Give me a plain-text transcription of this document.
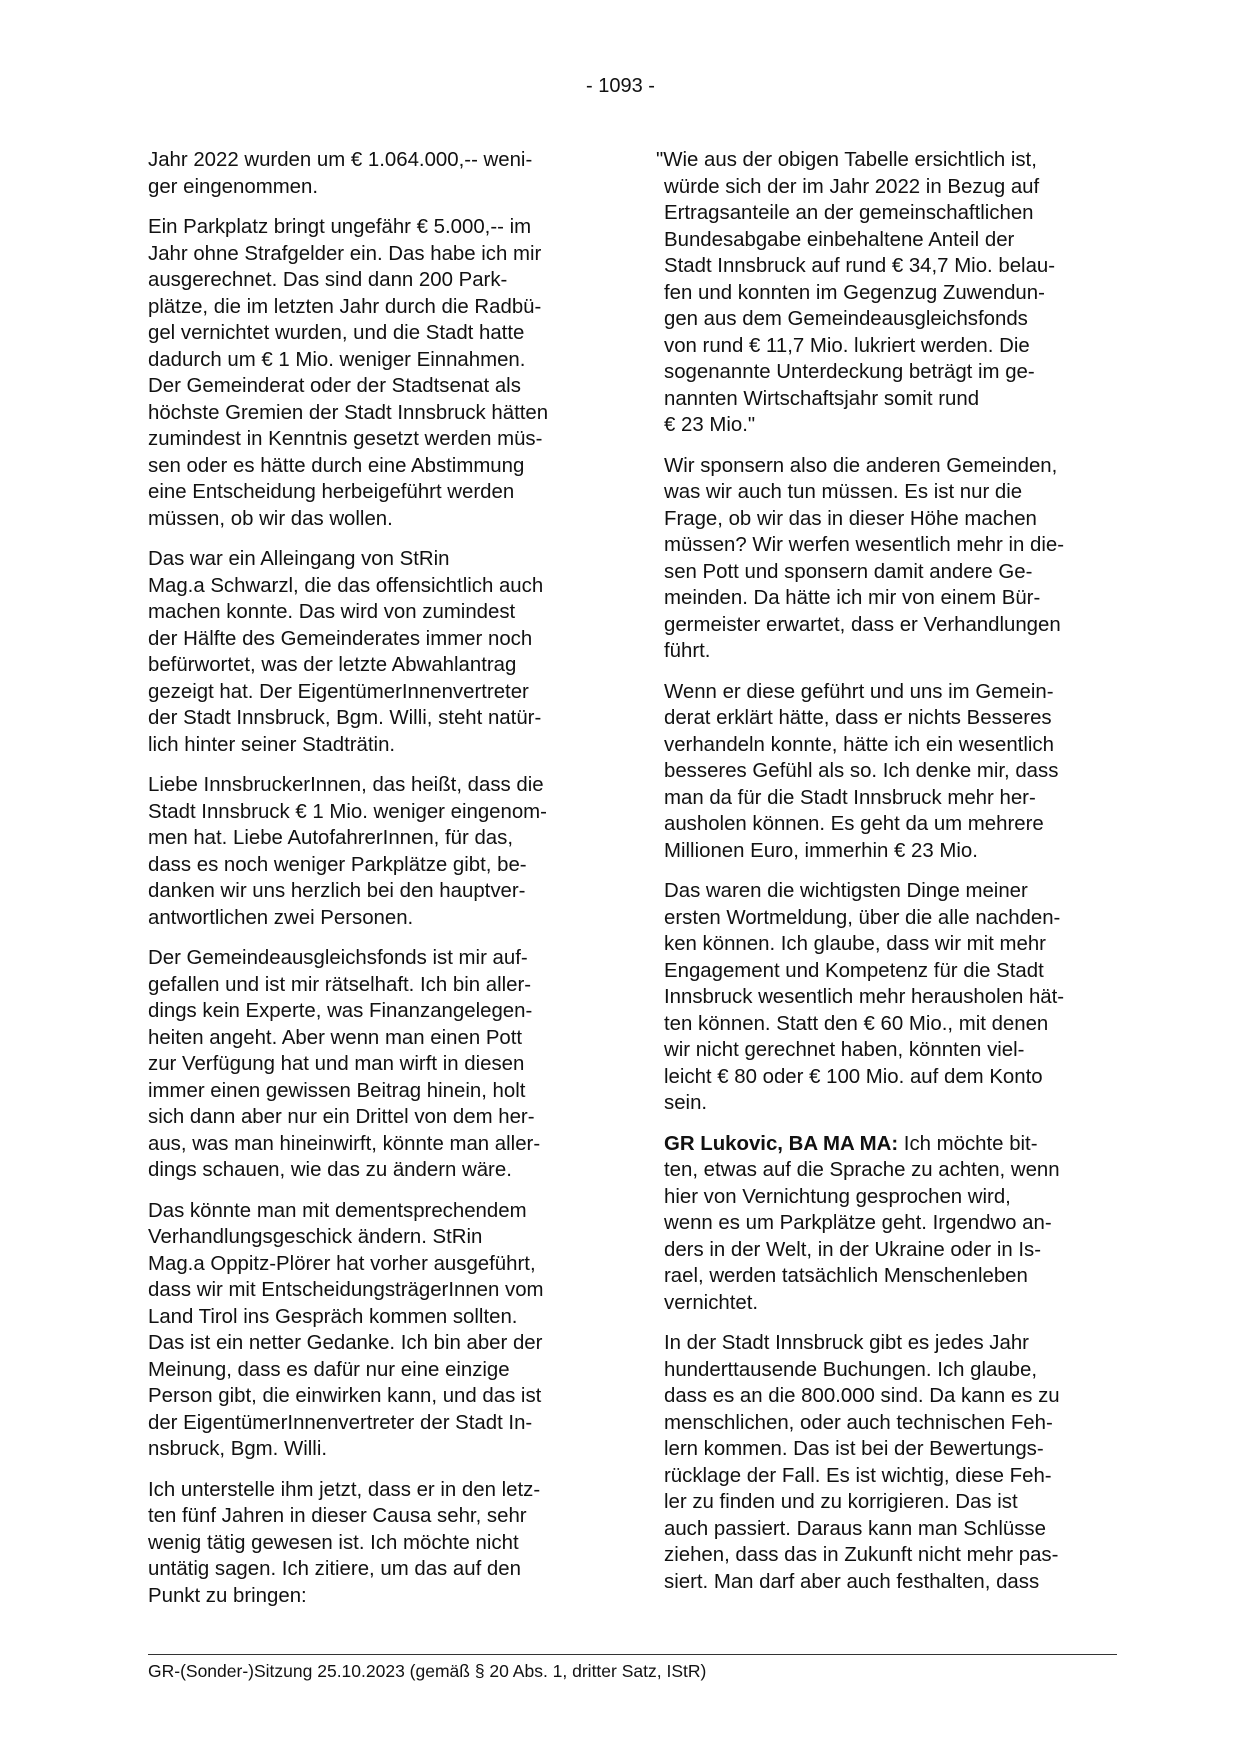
- 1093 -

Jahr 2022 wurden um € 1.064.000,-- weni-
ger eingenommen.

Ein Parkplatz bringt ungefähr € 5.000,-- im
Jahr ohne Strafgelder ein. Das habe ich mir
ausgerechnet. Das sind dann 200 Park-
plätze, die im letzten Jahr durch die Radbü-
gel vernichtet wurden, und die Stadt hatte
dadurch um € 1 Mio. weniger Einnahmen.
Der Gemeinderat oder der Stadtsenat als
höchste Gremien der Stadt Innsbruck hätten
zumindest in Kenntnis gesetzt werden müs-
sen oder es hätte durch eine Abstimmung
eine Entscheidung herbeigeführt werden
müssen, ob wir das wollen.

Das war ein Alleingang von StRin
Mag.a Schwarzl, die das offensichtlich auch
machen konnte. Das wird von zumindest
der Hälfte des Gemeinderates immer noch
befürwortet, was der letzte Abwahlantrag
gezeigt hat. Der EigentümerInnenvertreter
der Stadt Innsbruck, Bgm. Willi, steht natür-
lich hinter seiner Stadträtin.

Liebe InnsbruckerInnen, das heißt, dass die
Stadt Innsbruck € 1 Mio. weniger eingenom-
men hat. Liebe AutofahrerInnen, für das,
dass es noch weniger Parkplätze gibt, be-
danken wir uns herzlich bei den hauptver-
antwortlichen zwei Personen.

Der Gemeindeausgleichsfonds ist mir auf-
gefallen und ist mir rätselhaft. Ich bin aller-
dings kein Experte, was Finanzangelegen-
heiten angeht. Aber wenn man einen Pott
zur Verfügung hat und man wirft in diesen
immer einen gewissen Beitrag hinein, holt
sich dann aber nur ein Drittel von dem her-
aus, was man hineinwirft, könnte man aller-
dings schauen, wie das zu ändern wäre.

Das könnte man mit dementsprechendem
Verhandlungsgeschick ändern. StRin
Mag.a Oppitz-Plörer hat vorher ausgeführt,
dass wir mit EntscheidungsträgerInnen vom
Land Tirol ins Gespräch kommen sollten.
Das ist ein netter Gedanke. Ich bin aber der
Meinung, dass es dafür nur eine einzige
Person gibt, die einwirken kann, und das ist
der EigentümerInnenvertreter der Stadt In-
nsbruck, Bgm. Willi.

Ich unterstelle ihm jetzt, dass er in den letz-
ten fünf Jahren in dieser Causa sehr, sehr
wenig tätig gewesen ist. Ich möchte nicht
untätig sagen. Ich zitiere, um das auf den
Punkt zu bringen:

"Wie aus der obigen Tabelle ersichtlich ist,
würde sich der im Jahr 2022 in Bezug auf
Ertragsanteile an der gemeinschaftlichen
Bundesabgabe einbehaltene Anteil der
Stadt Innsbruck auf rund € 34,7 Mio. belau-
fen und konnten im Gegenzug Zuwendun-
gen aus dem Gemeindeausgleichsfonds
von rund € 11,7 Mio. lukriert werden. Die
sogenannte Unterdeckung beträgt im ge-
nannten Wirtschaftsjahr somit rund
€ 23 Mio."

Wir sponsern also die anderen Gemeinden,
was wir auch tun müssen. Es ist nur die
Frage, ob wir das in dieser Höhe machen
müssen? Wir werfen wesentlich mehr in die-
sen Pott und sponsern damit andere Ge-
meinden. Da hätte ich mir von einem Bür-
germeister erwartet, dass er Verhandlungen
führt.

Wenn er diese geführt und uns im Gemein-
derat erklärt hätte, dass er nichts Besseres
verhandeln konnte, hätte ich ein wesentlich
besseres Gefühl als so. Ich denke mir, dass
man da für die Stadt Innsbruck mehr her-
ausholen können. Es geht da um mehrere
Millionen Euro, immerhin € 23 Mio.

Das waren die wichtigsten Dinge meiner
ersten Wortmeldung, über die alle nachden-
ken können. Ich glaube, dass wir mit mehr
Engagement und Kompetenz für die Stadt
Innsbruck wesentlich mehr herausholen hät-
ten können. Statt den € 60 Mio., mit denen
wir nicht gerechnet haben, könnten viel-
leicht € 80 oder € 100 Mio. auf dem Konto
sein.

GR Lukovic, BA MA MA: Ich möchte bit-
ten, etwas auf die Sprache zu achten, wenn
hier von Vernichtung gesprochen wird,
wenn es um Parkplätze geht. Irgendwo an-
ders in der Welt, in der Ukraine oder in Is-
rael, werden tatsächlich Menschenleben
vernichtet.

In der Stadt Innsbruck gibt es jedes Jahr
hunderttausende Buchungen. Ich glaube,
dass es an die 800.000 sind. Da kann es zu
menschlichen, oder auch technischen Feh-
lern kommen. Das ist bei der Bewertungs-
rücklage der Fall. Es ist wichtig, diese Feh-
ler zu finden und zu korrigieren. Das ist
auch passiert. Daraus kann man Schlüsse
ziehen, dass das in Zukunft nicht mehr pas-
siert. Man darf aber auch festhalten, dass

GR-(Sonder-)Sitzung 25.10.2023 (gemäß § 20 Abs. 1, dritter Satz, IStR)
